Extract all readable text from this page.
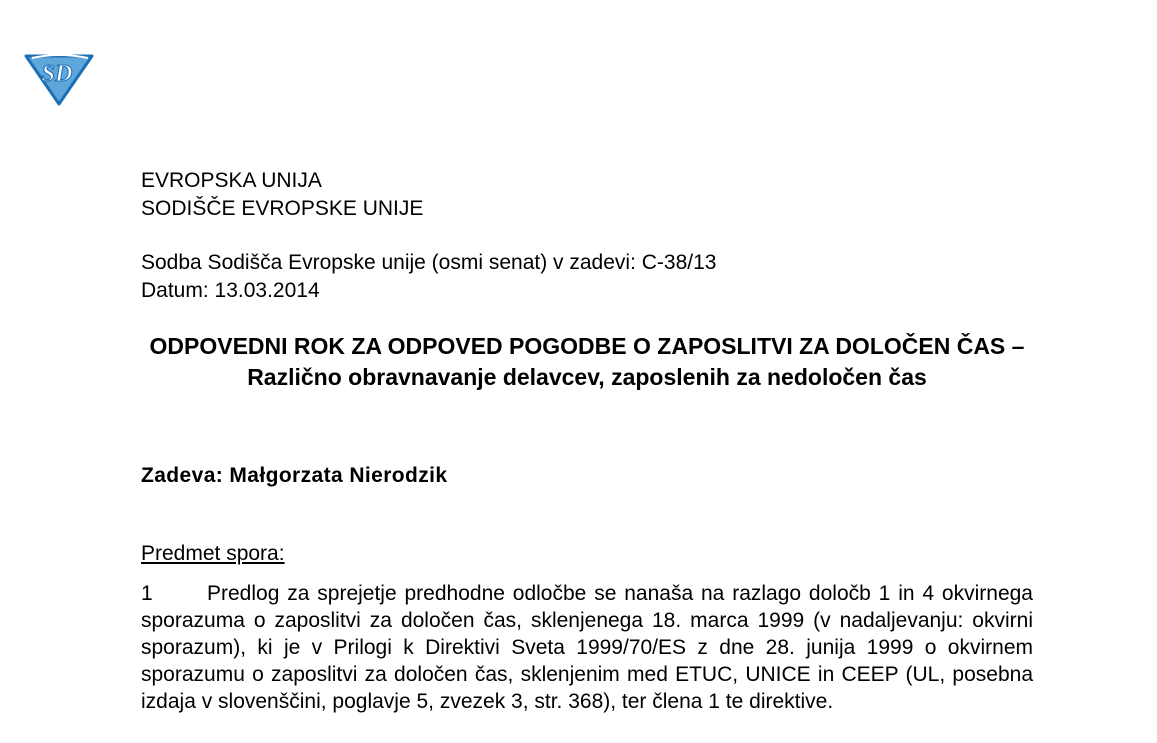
SD
EVROPSKA UNIJA
SODIŠČE EVROPSKE UNIJE
Sodba Sodišča Evropske unije (osmi senat) v zadevi: C-38/13
Datum: 13.03.2014
ODPOVEDNI ROK ZA ODPOVED POGODBE O ZAPOSLITVI ZA DOLOČEN ČAS – Različno obravnavanje delavcev, zaposlenih za nedoločen čas
Zadeva: Małgorzata Nierodzik
Predmet spora:
1	Predlog za sprejetje predhodne odločbe se nanaša na razlago določb 1 in 4 okvirnega sporazuma o zaposlitvi za določen čas, sklenjenega 18. marca 1999 (v nadaljevanju: okvirni sporazum), ki je v Prilogi k Direktivi Sveta 1999/70/ES z dne 28. junija 1999 o okvirnem sporazumu o zaposlitvi za določen čas, sklenjenim med ETUC, UNICE in CEEP (UL, posebna izdaja v slovenščini, poglavje 5, zvezek 3, str. 368), ter člena 1 te direktive.
